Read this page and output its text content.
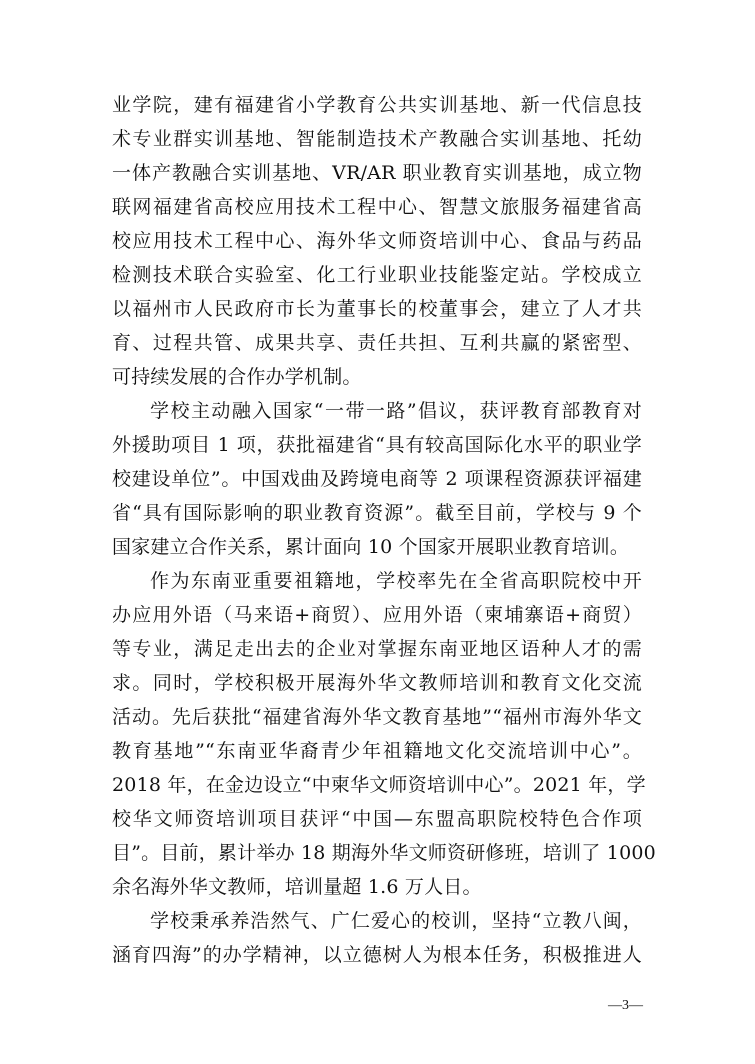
业学院，建有福建省小学教育公共实训基地、新一代信息技
术专业群实训基地、智能制造技术产教融合实训基地、托幼
一体产教融合实训基地、VR/AR 职业教育实训基地，成立物
联网福建省高校应用技术工程中心、智慧文旅服务福建省高
校应用技术工程中心、海外华文师资培训中心、食品与药品
检测技术联合实验室、化工行业职业技能鉴定站。学校成立
以福州市人民政府市长为董事长的校董事会，建立了人才共
育、过程共管、成果共享、责任共担、互利共赢的紧密型、
可持续发展的合作办学机制。
学校主动融入国家“一带一路”倡议，获评教育部教育对
外援助项目 1 项，获批福建省“具有较高国际化水平的职业学
校建设单位”。中国戏曲及跨境电商等 2 项课程资源获评福建
省“具有国际影响的职业教育资源”。截至目前，学校与 9 个
国家建立合作关系，累计面向 10 个国家开展职业教育培训。
作为东南亚重要祖籍地，学校率先在全省高职院校中开
办应用外语（马来语+商贸）、应用外语（柬埔寨语+商贸）
等专业，满足走出去的企业对掌握东南亚地区语种人才的需
求。同时，学校积极开展海外华文教师培训和教育文化交流
活动。先后获批“福建省海外华文教育基地”“福州市海外华文
教育基地”“东南亚华裔青少年祖籍地文化交流培训中心”。
2018 年，在金边设立“中柬华文师资培训中心”。2021 年，学
校华文师资培训项目获评“中国—东盟高职院校特色合作项
目”。目前，累计举办 18 期海外华文师资研修班，培训了 1000
余名海外华文教师，培训量超 1.6 万人日。
学校秉承养浩然气、广仁爱心的校训，坚持“立教八闽，
涵育四海”的办学精神，以立德树人为根本任务，积极推进人
—3—
